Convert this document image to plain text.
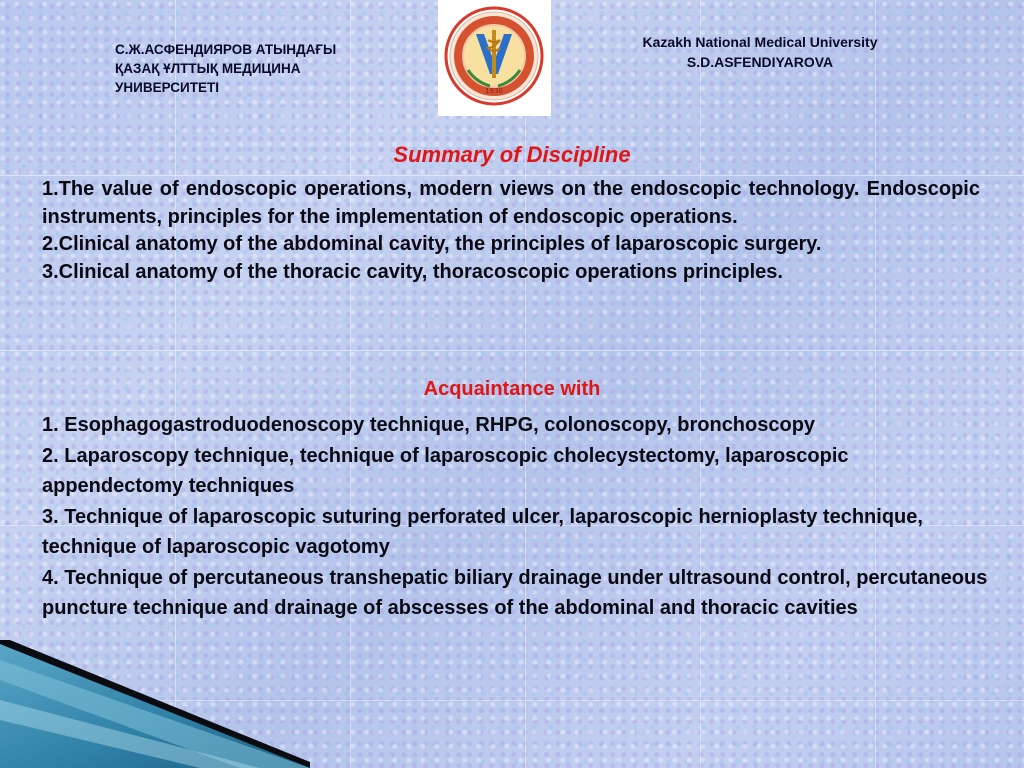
С.Ж.АСФЕНДИЯРОВ АТЫНДАҒЫ
ҚАЗАҚ ҰЛТТЫҚ МЕДИЦИНА
УНИВЕРСИТЕТІ	1930
Kazakh National Medical University
S.D.ASFENDIYAROVA
Summary of Discipline

1.The value of endoscopic operations, modern views on the endoscopic technology. Endoscopic instruments, principles for the implementation of endoscopic operations.

2.Clinical anatomy of the abdominal cavity, the principles of laparoscopic surgery.

3.Clinical anatomy of the thoracic cavity, thoracoscopic operations principles.

Acquaintance with

1. Esophagogastroduodenoscopy technique, RHPG, colonoscopy, bronchoscopy

2. Laparoscopy technique, technique of laparoscopic cholecystectomy, laparoscopic appendectomy techniques

3. Technique of laparoscopic suturing perforated ulcer, laparoscopic hernioplasty technique, technique of laparoscopic vagotomy

4. Technique of percutaneous transhepatic biliary drainage under ultrasound control, percutaneous puncture technique and drainage of abscesses of the abdominal and thoracic cavities
